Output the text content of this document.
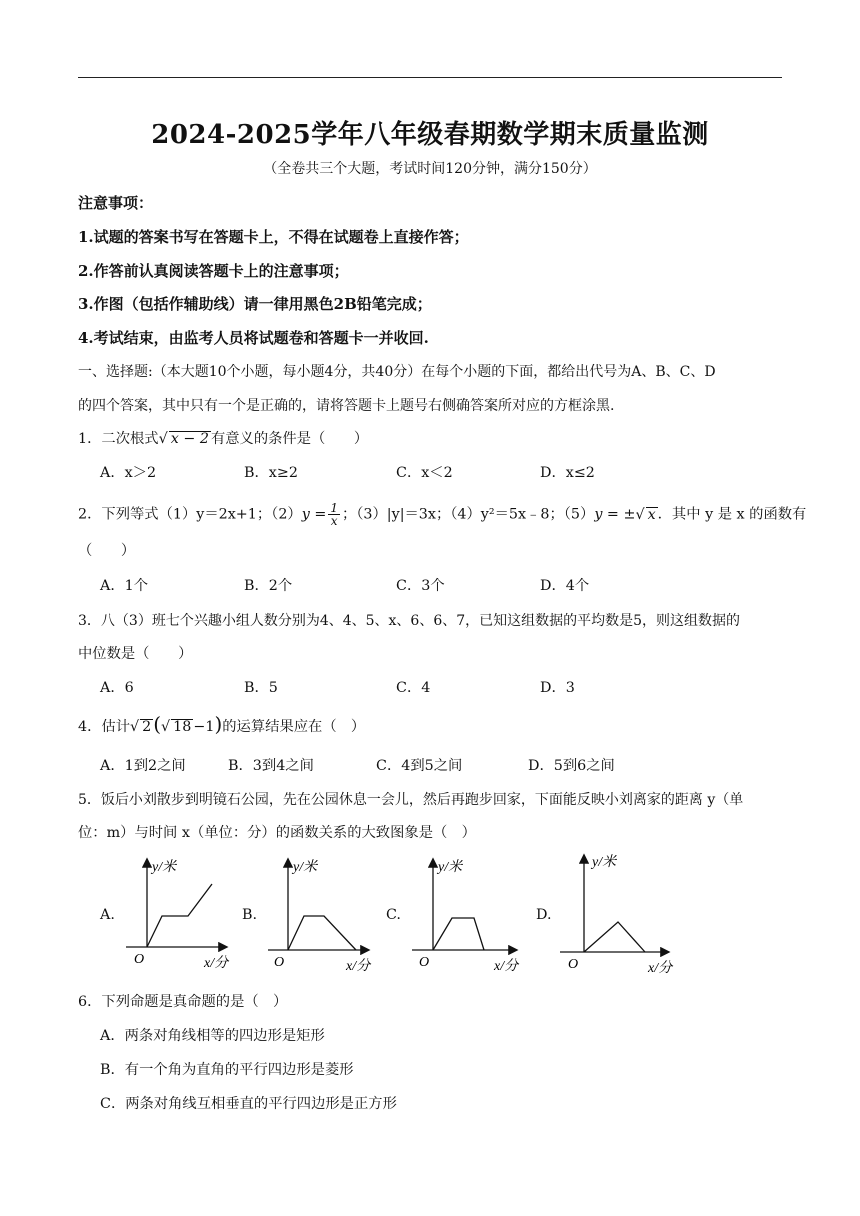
2024-2025学年八年级春期数学期末质量监测
（全卷共三个大题，考试时间120分钟，满分150分）
注意事项：
1.试题的答案书写在答题卡上，不得在试题卷上直接作答；
2.作答前认真阅读答题卡上的注意事项；
3.作图（包括作辅助线）请一律用黑色2B铅笔完成；
4.考试结束，由监考人员将试题卷和答题卡一并收回.
一、选择题:（本大题10个小题，每小题4分，共40分）在每个小题的下面，都给出代号为A、B、C、D
的四个答案，其中只有一个是正确的，请将答题卡上题号右侧确答案所对应的方框涂黑.
1．二次根式√ x − 2 有意义的条件是（　　）
A．x＞2	B．x≥2	C．x＜2	D．x≤2
2．下列等式（1）y＝2x+1；$(2)y = \frac{1}{x}$ ；（3）|y|＝3x；（4）y²＝5x﹣8；（5）y = ±√ x ．其中 y 是 x 的函数有
（　　）
A．1个	B．2个	C．3个	D．4个
3．八（3）班七个兴趣小组人数分别为4、4、5、x、6、6、7，已知这组数据的平均数是5，则这组数据的
中位数是（　　）
A．6	B．5	C．4	D．3
4．估计√ 2 (√ 18 −1)的运算结果应在（　）
A．1到2之间	B．3到4之间	C．4到5之间	D．5到6之间
5．饭后小刘散步到明镜石公园，先在公园休息一会儿，然后再跑步回家，下面能反映小刘离家的距离 y（单
位：m）与时间 x（单位：分）的函数关系的大致图象是（　）
A.	B.	C.	D.
y/米
O	x/分
y/米
O	x/分
y/米
O	x/分
y/米
O	x/分
6．下列命题是真命题的是（　）
A．两条对角线相等的四边形是矩形
B．有一个角为直角的平行四边形是菱形
C．两条对角线互相垂直的平行四边形是正方形
